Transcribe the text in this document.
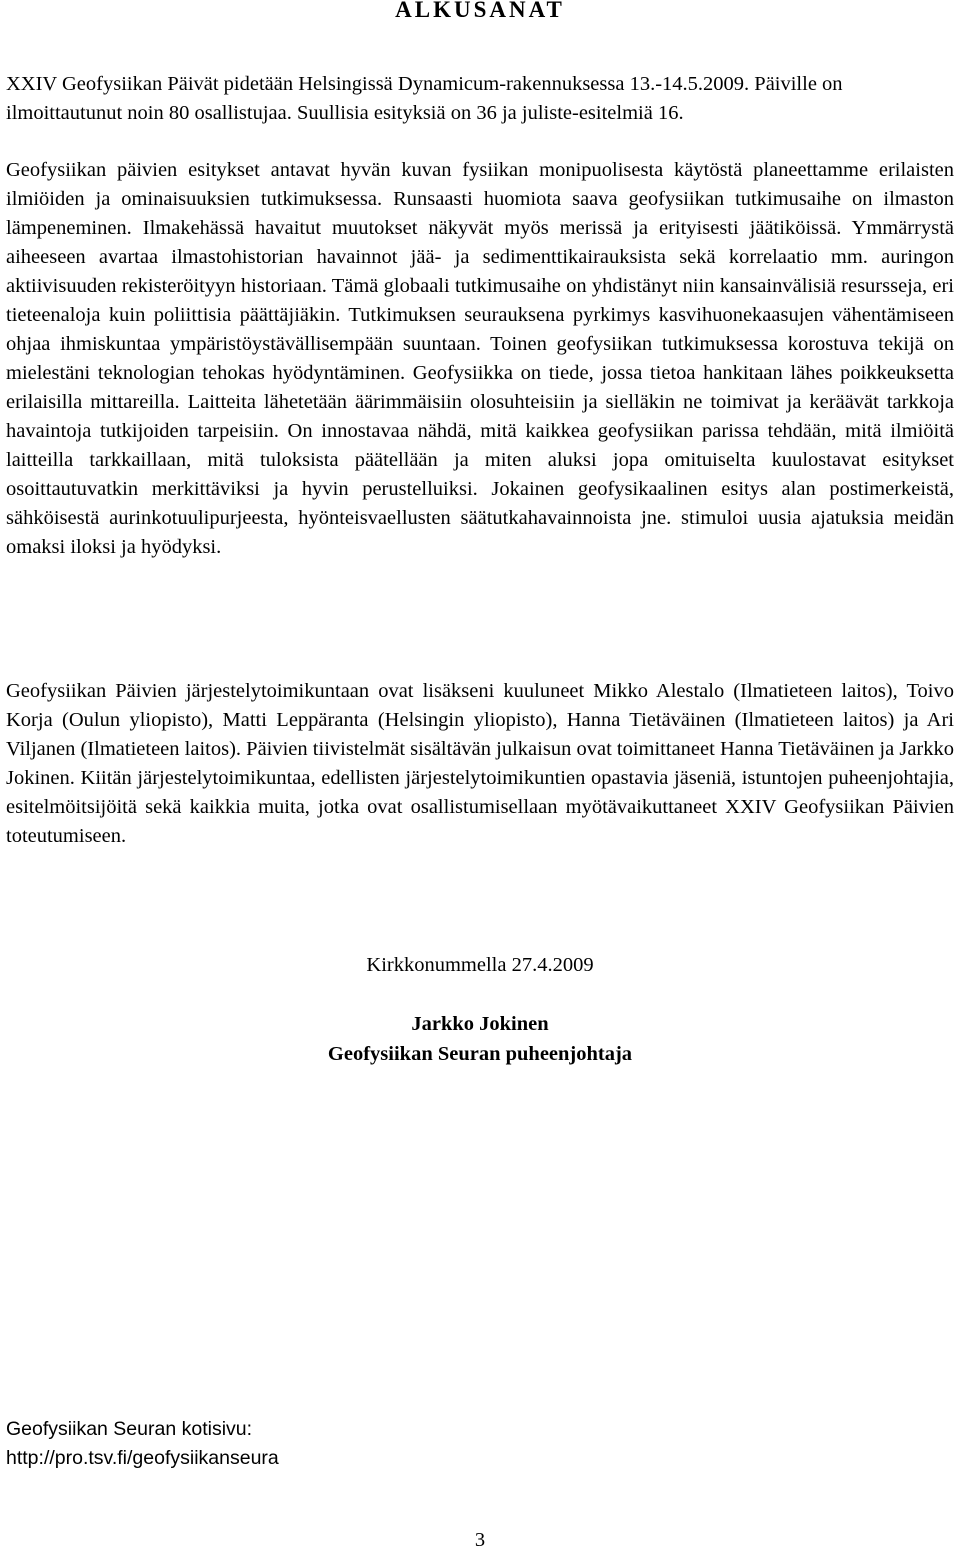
ALKUSANAT

XXIV Geofysiikan Päivät pidetään Helsingissä Dynamicum-rakennuksessa 13.-14.5.2009. Päiville on ilmoittautunut noin 80 osallistujaa. Suullisia esityksiä on 36 ja juliste-esitelmiä 16.

Geofysiikan päivien esitykset antavat hyvän kuvan fysiikan monipuolisesta käytöstä planeettamme erilaisten ilmiöiden ja ominaisuuksien tutkimuksessa. Runsaasti huomiota saava geofysiikan tutkimusaihe on ilmaston lämpeneminen. Ilmakehässä havaitut muutokset näkyvät myös merissä ja erityisesti jäätiköissä. Ymmärrystä aiheeseen avartaa ilmastohistorian havainnot jää- ja sedimenttikairauksista sekä korrelaatio mm. auringon aktiivisuuden rekisteröityyn historiaan. Tämä globaali tutkimusaihe on yhdistänyt niin kansainvälisiä resursseja, eri tieteenaloja kuin poliittisia päättäjiäkin. Tutkimuksen seurauksena pyrkimys kasvihuonekaasujen vähentämiseen ohjaa ihmiskuntaa ympäristöystävällisempään suuntaan. Toinen geofysiikan tutkimuksessa korostuva tekijä on mielestäni teknologian tehokas hyödyntäminen. Geofysiikka on tiede, jossa tietoa hankitaan lähes poikkeuksetta erilaisilla mittareilla. Laitteita lähetetään äärimmäisiin olosuhteisiin ja sielläkin ne toimivat ja keräävät tarkkoja havaintoja tutkijoiden tarpeisiin. On innostavaa nähdä, mitä kaikkea geofysiikan parissa tehdään, mitä ilmiöitä laitteilla tarkkaillaan, mitä tuloksista päätellään ja miten aluksi jopa omituiselta kuulostavat esitykset osoittautuvatkin merkittäviksi ja hyvin perustelluiksi. Jokainen geofysikaalinen esitys alan postimerkeistä, sähköisestä aurinkotuulipurjeesta, hyönteisvaellusten säätutkahavainnoista jne. stimuloi uusia ajatuksia meidän omaksi iloksi ja hyödyksi.

Geofysiikan Päivien järjestelytoimikuntaan ovat lisäkseni kuuluneet Mikko Alestalo (Ilmatieteen laitos), Toivo Korja (Oulun yliopisto), Matti Leppäranta (Helsingin yliopisto), Hanna Tietäväinen (Ilmatieteen laitos) ja Ari Viljanen (Ilmatieteen laitos). Päivien tiivistelmät sisältävän julkaisun ovat toimittaneet Hanna Tietäväinen ja Jarkko Jokinen. Kiitän järjestelytoimikuntaa, edellisten järjestelytoimikuntien opastavia jäseniä, istuntojen puheenjohtajia, esitelmöitsijöitä sekä kaikkia muita, jotka ovat osallistumisellaan myötävaikuttaneet XXIV Geofysiikan Päivien toteutumiseen.

Kirkkonummella 27.4.2009
Jarkko Jokinen
Geofysiikan Seuran puheenjohtaja
Geofysiikan Seuran kotisivu:
http://pro.tsv.fi/geofysiikanseura
3
